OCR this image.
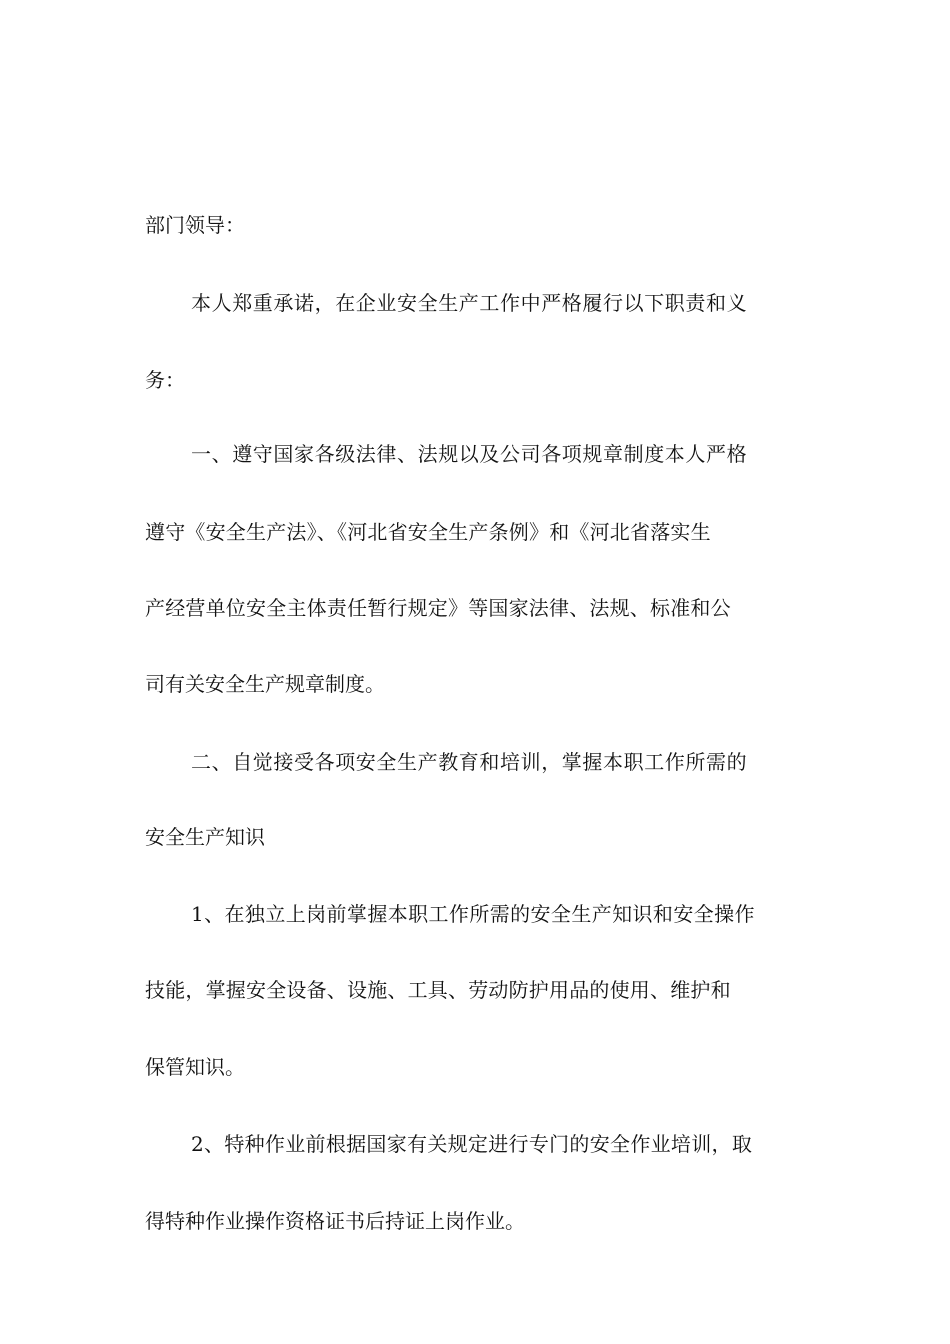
部门领导：
本人郑重承诺，在企业安全生产工作中严格履行以下职责和义
务：
一、遵守国家各级法律、法规以及公司各项规章制度本人严格
遵守《安全生产法》、《河北省安全生产条例》和《河北省落实生
产经营单位安全主体责任暂行规定》等国家法律、法规、标准和公
司有关安全生产规章制度。
二、自觉接受各项安全生产教育和培训，掌握本职工作所需的
安全生产知识
1、在独立上岗前掌握本职工作所需的安全生产知识和安全操作
技能，掌握安全设备、设施、工具、劳动防护用品的使用、维护和
保管知识。
2、特种作业前根据国家有关规定进行专门的安全作业培训，取
得特种作业操作资格证书后持证上岗作业。
